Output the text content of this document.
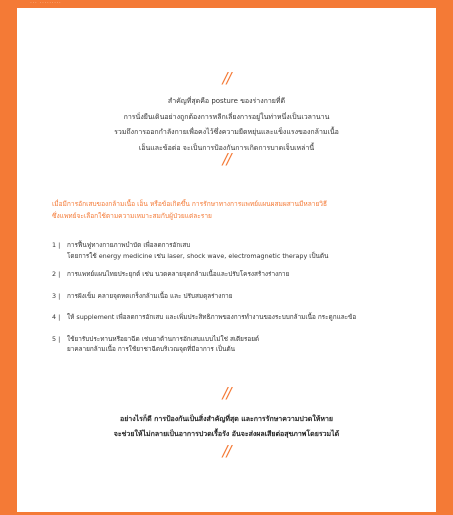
··· ·········
//

สำคัญที่สุดคือ posture ของร่างกายที่ดี

การนั่งยืนเดินอย่างถูกต้องการหลีกเลี่ยงการอยู่ในท่าหนึ่งเป็นเวลานาน

รวมถึงการออกกำลังกายเพื่อคงไว้ซึ่งความยืดหยุ่นและแข็งแรงของกล้ามเนื้อ

เอ็นและข้อต่อ จะเป็นการป้องกันการเกิดการบาดเจ็บเหล่านี้

//

เมื่อมีการอักเสบของกล้ามเนื้อ เอ็น หรือข้อเกิดขึ้น การรักษาทางการแพทย์แผนผสมผสานมีหลายวิธี

ซึ่งแพทย์จะเลือกใช้ตามความเหมาะสมกับผู้ป่วยแต่ละราย

1 | การฟื้นฟูทางกายภาพบำบัด เพื่อลดการอักเสบ
โดยการใช้ energy medicine เช่น laser, shock wave, electromagnetic therapy เป็นต้น
2 | การแพทย์แผนไทยประยุกต์ เช่น นวดคลายจุดกล้ามเนื้อและปรับโครงสร้างร่างกาย
3 | การฝังเข็ม คลายจุดหดเกร็งกล้ามเนื้อ และ ปรับสมดุลร่างกาย
4 | ให้ supplement เพื่อลดการอักเสบ และเพิ่มประสิทธิภาพของการทำงานของระบบกล้ามเนื้อ กระดูกและข้อ
5 | ใช้ยารับประทานหรือยาฉีด เช่นยาต้านการอักเสบแบบไม่ใช่ สเตียรอยด์
ยาคลายกล้ามเนื้อ การใช้ยาชาฉีดบริเวณจุดที่มีอาการ เป็นต้น
//

อย่างไรก็ดี การป้องกันเป็นสิ่งสำคัญที่สุด และการรักษาความปวดให้หาย

จะช่วยให้ไม่กลายเป็นอาการปวดเรื้อรัง อันจะส่งผลเสียต่อสุขภาพโดยรวมได้

//
